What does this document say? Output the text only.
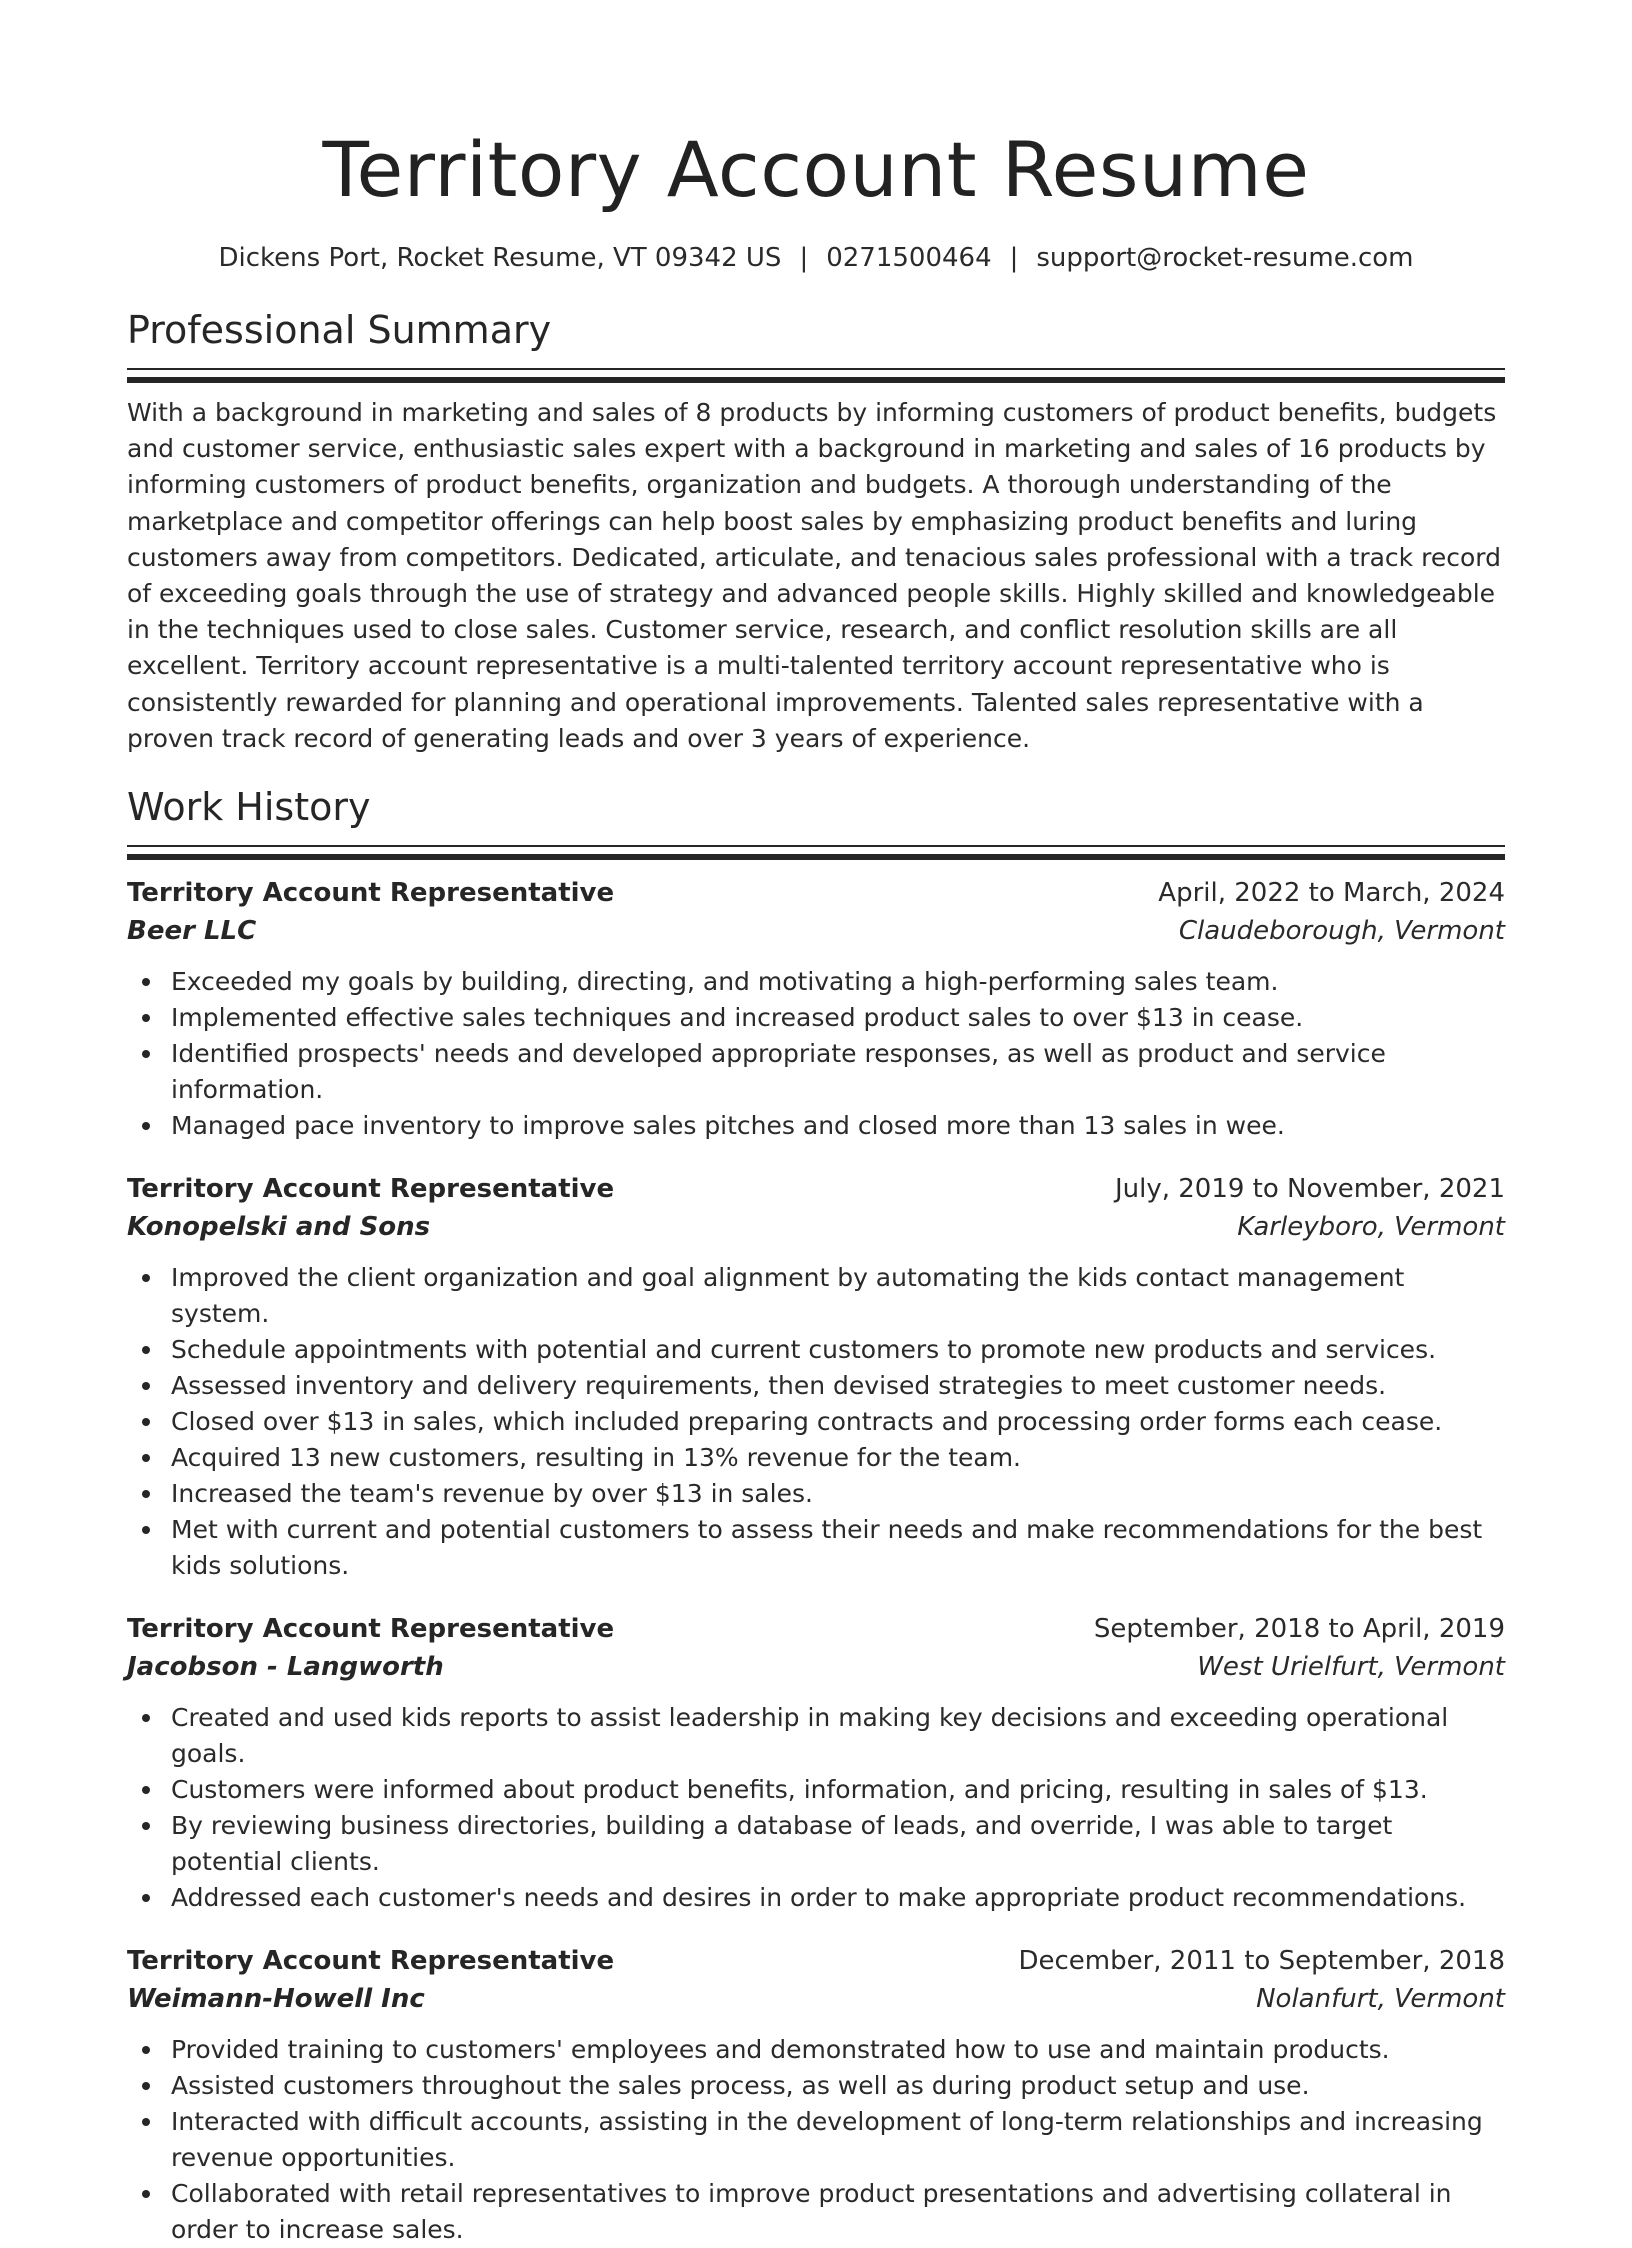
Territory Account Resume
Dickens Port, Rocket Resume, VT 09342 US | 0271500464 | support@rocket-resume.com
Professional Summary

With a background in marketing and sales of 8 products by informing customers of product benefits, budgets and customer service, enthusiastic sales expert with a background in marketing and sales of 16 products by informing customers of product benefits, organization and budgets. A thorough understanding of the marketplace and competitor offerings can help boost sales by emphasizing product benefits and luring customers away from competitors. Dedicated, articulate, and tenacious sales professional with a track record of exceeding goals through the use of strategy and advanced people skills. Highly skilled and knowledgeable in the techniques used to close sales. Customer service, research, and conflict resolution skills are all excellent. Territory account representative is a multi-talented territory account representative who is consistently rewarded for planning and operational improvements. Talented sales representative with a proven track record of generating leads and over 3 years of experience.

Work History
Territory Account Representative	April, 2022 to March, 2024
Beer LLC	Claudeborough, Vermont
Exceeded my goals by building, directing, and motivating a high-performing sales team.
Implemented effective sales techniques and increased product sales to over $13 in cease.
Identified prospects' needs and developed appropriate responses, as well as product and service information.
Managed pace inventory to improve sales pitches and closed more than 13 sales in wee.
Territory Account Representative	July, 2019 to November, 2021
Konopelski and Sons	Karleyboro, Vermont
Improved the client organization and goal alignment by automating the kids contact management system.
Schedule appointments with potential and current customers to promote new products and services.
Assessed inventory and delivery requirements, then devised strategies to meet customer needs.
Closed over $13 in sales, which included preparing contracts and processing order forms each cease.
Acquired 13 new customers, resulting in 13% revenue for the team.
Increased the team's revenue by over $13 in sales.
Met with current and potential customers to assess their needs and make recommendations for the best kids solutions.
Territory Account Representative	September, 2018 to April, 2019
Jacobson - Langworth	West Urielfurt, Vermont
Created and used kids reports to assist leadership in making key decisions and exceeding operational goals.
Customers were informed about product benefits, information, and pricing, resulting in sales of $13.
By reviewing business directories, building a database of leads, and override, I was able to target potential clients.
Addressed each customer's needs and desires in order to make appropriate product recommendations.
Territory Account Representative	December, 2011 to September, 2018
Weimann-Howell Inc	Nolanfurt, Vermont
Provided training to customers' employees and demonstrated how to use and maintain products.
Assisted customers throughout the sales process, as well as during product setup and use.
Interacted with difficult accounts, assisting in the development of long-term relationships and increasing revenue opportunities.
Collaborated with retail representatives to improve product presentations and advertising collateral in order to increase sales.
